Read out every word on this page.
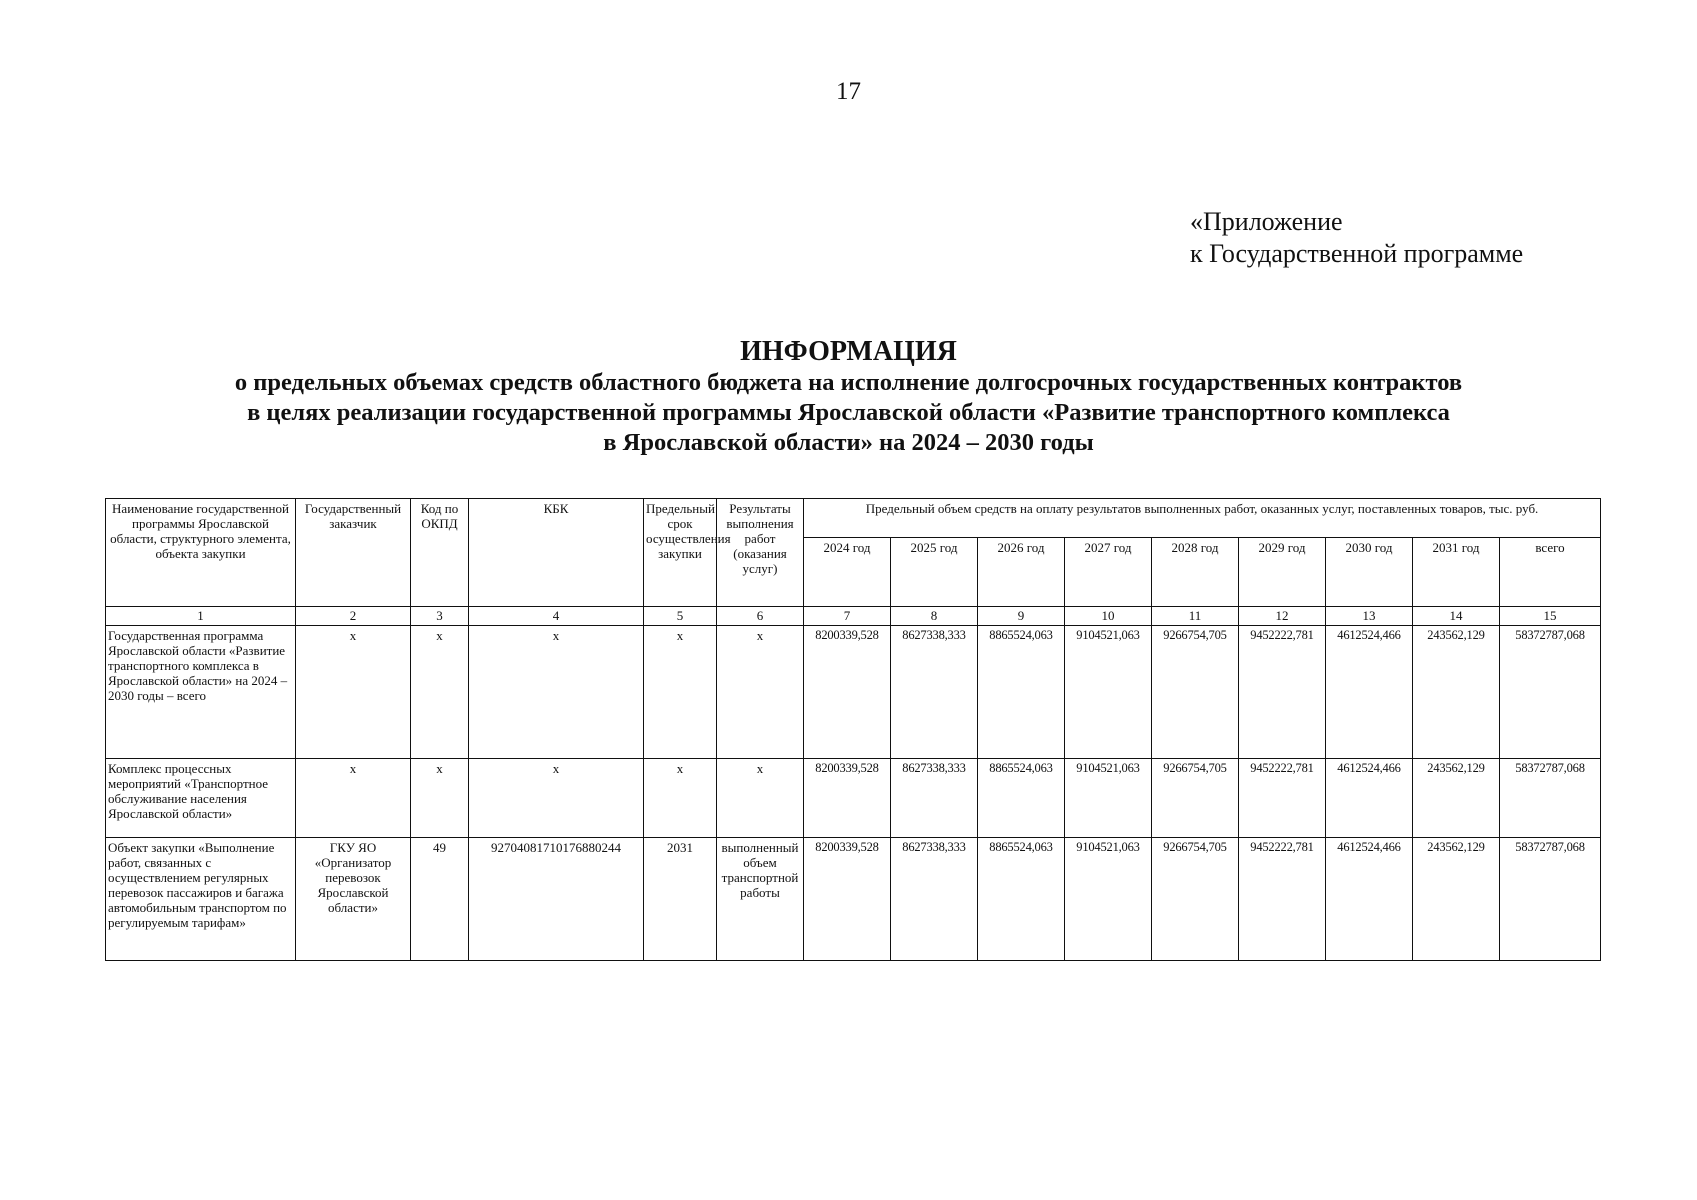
17
«Приложение
к Государственной программе
ИНФОРМАЦИЯ
о предельных объемах средств областного бюджета на исполнение долгосрочных государственных контрактов
в целях реализации государственной программы Ярославской области «Развитие транспортного комплекса
в Ярославской области» на 2024 – 2030 годы
Наименование государственной программы Ярославской области, структурного элемента, объекта закупки	Государственный заказчик	Код по ОКПД	КБК	Предельный срок осуществления закупки	Результаты выполнения работ (оказания услуг)	Предельный объем средств на оплату результатов выполненных работ, оказанных услуг, поставленных товаров, тыс. руб.								
						2024 год	2025 год	2026 год	2027 год	2028 год	2029 год	2030 год	2031 год	всего
1	2	3	4	5	6	7	8	9	10	11	12	13	14	15
Государственная программа Ярославской области «Развитие транспортного комплекса в Ярославской области» на 2024 – 2030 годы – всего	х	х	х	х	х	8200339,528	8627338,333	8865524,063	9104521,063	9266754,705	9452222,781	4612524,466	243562,129	58372787,068
Комплекс процессных мероприятий «Транспортное обслуживание населения Ярославской области»	х	х	х	х	х	8200339,528	8627338,333	8865524,063	9104521,063	9266754,705	9452222,781	4612524,466	243562,129	58372787,068
Объект закупки «Выполнение работ, связанных с осуществлением регулярных перевозок пассажиров и багажа автомобильным транспортом по регулируемым тарифам»	ГКУ ЯО «Организатор перевозок Ярославской области»	49	92704081710176880244	2031	выполненный объем транспортной работы	8200339,528	8627338,333	8865524,063	9104521,063	9266754,705	9452222,781	4612524,466	243562,129	58372787,068
